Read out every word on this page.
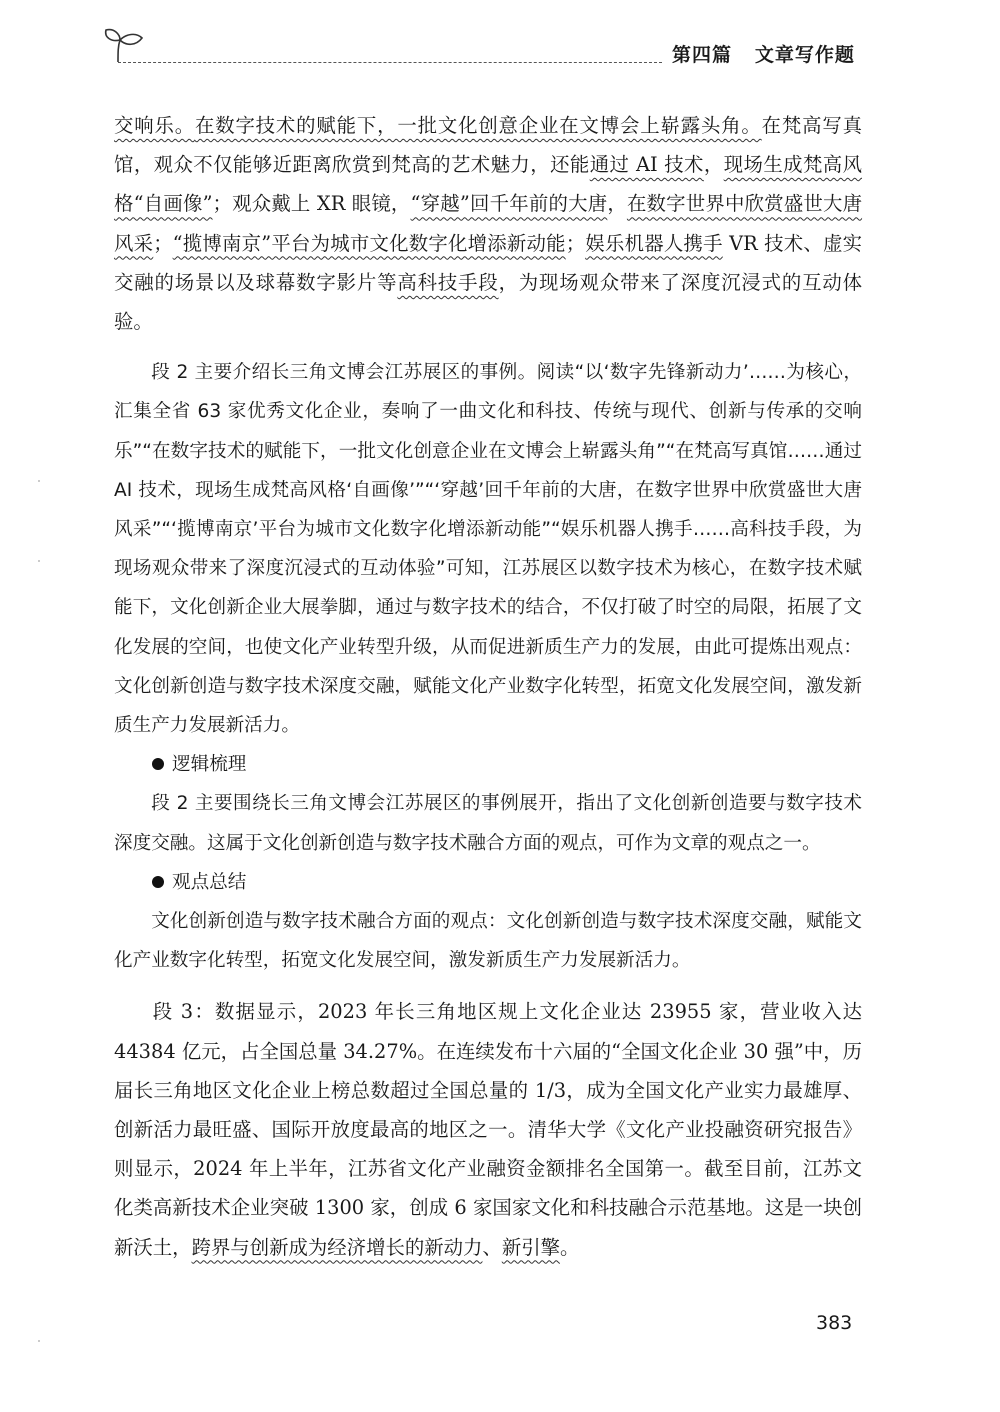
第四篇   文章写作题

交响乐。在数字技术的赋能下，一批文化创意企业在文博会上崭露头角。在梵高写真馆，观众不仅能够近距离欣赏到梵高的艺术魅力，还能通过 AI 技术，现场生成梵高风格“自画像”；观众戴上 XR 眼镜，“穿越”回千年前的大唐，在数字世界中欣赏盛世大唐风采；“揽博南京”平台为城市文化数字化增添新动能；娱乐机器人携手 VR 技术、虚实交融的场景以及球幕数字影片等高科技手段，为现场观众带来了深度沉浸式的互动体验。

段 2 主要介绍长三角文博会江苏展区的事例。阅读“以‘数字先锋新动力’……为核心，汇集全省 63 家优秀文化企业，奏响了一曲文化和科技、传统与现代、创新与传承的交响乐”“在数字技术的赋能下，一批文化创意企业在文博会上崭露头角”“在梵高写真馆……通过 AI 技术，现场生成梵高风格‘自画像’”“‘穿越’回千年前的大唐，在数字世界中欣赏盛世大唐风采”“‘揽博南京’平台为城市文化数字化增添新动能”“娱乐机器人携手……高科技手段，为现场观众带来了深度沉浸式的互动体验”可知，江苏展区以数字技术为核心，在数字技术赋能下，文化创新企业大展拳脚，通过与数字技术的结合，不仅打破了时空的局限，拓展了文化发展的空间，也使文化产业转型升级，从而促进新质生产力的发展，由此可提炼出观点：文化创新创造与数字技术深度交融，赋能文化产业数字化转型，拓宽文化发展空间，激发新质生产力发展新活力。

逻辑梳理

段 2 主要围绕长三角文博会江苏展区的事例展开，指出了文化创新创造要与数字技术深度交融。这属于文化创新创造与数字技术融合方面的观点，可作为文章的观点之一。

观点总结

文化创新创造与数字技术融合方面的观点：文化创新创造与数字技术深度交融，赋能文化产业数字化转型，拓宽文化发展空间，激发新质生产力发展新活力。

段 3：数据显示，2023 年长三角地区规上文化企业达 23955 家，营业收入达 44384 亿元，占全国总量 34.27%。在连续发布十六届的“全国文化企业 30 强”中，历届长三角地区文化企业上榜总数超过全国总量的 1/3，成为全国文化产业实力最雄厚、创新活力最旺盛、国际开放度最高的地区之一。清华大学《文化产业投融资研究报告》则显示，2024 年上半年，江苏省文化产业融资金额排名全国第一。截至目前，江苏文化类高新技术企业突破 1300 家，创成 6 家国家文化和科技融合示范基地。这是一块创新沃土，跨界与创新成为经济增长的新动力、新引擎。

383
